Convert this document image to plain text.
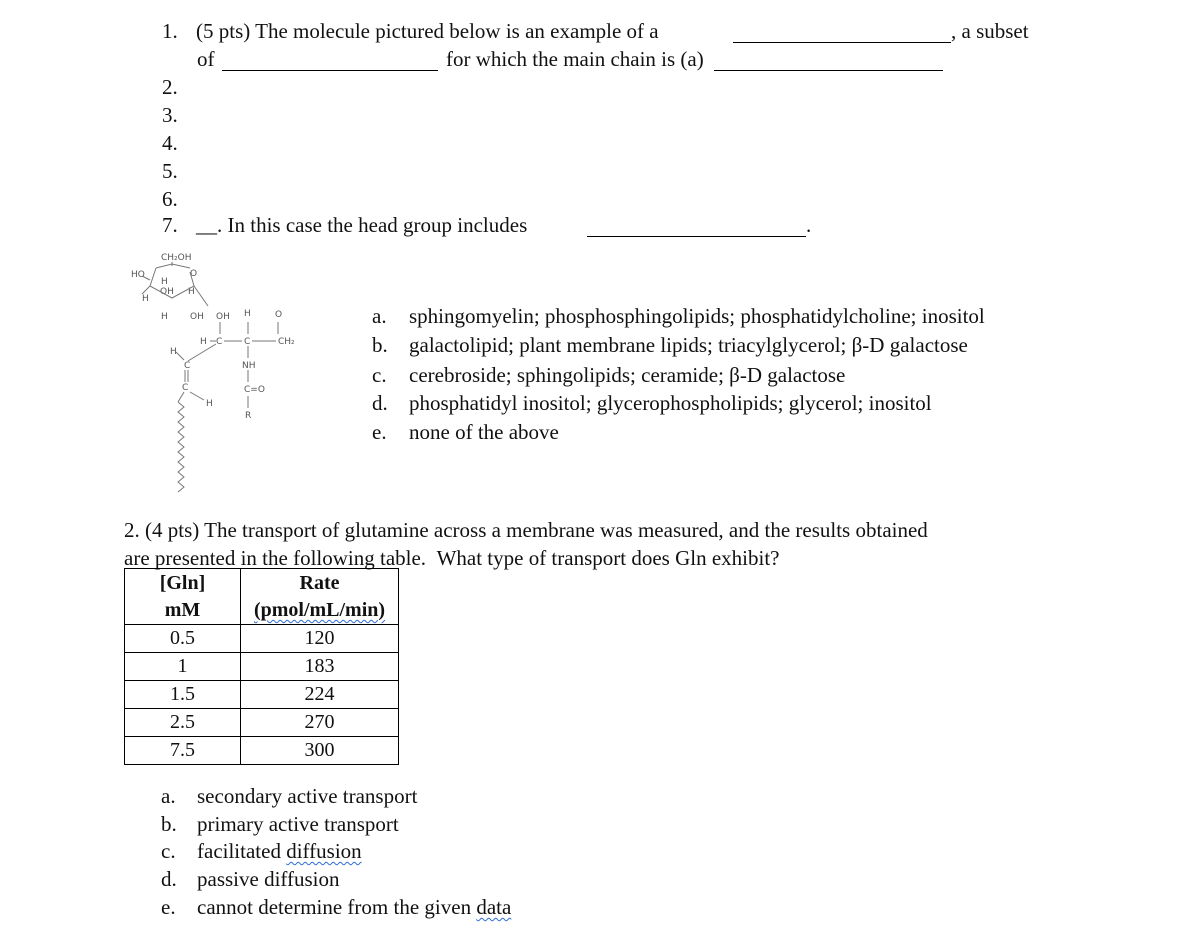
1. (5 pts) The molecule pictured below is an example of a	, a subset
of	for which the main chain is (a)
2.
3.
4.
5.
6.
7. __. In this case the head group includes	.
CH₂OH
HO	O
H
OH H
H
H OH OH H	O
H C C	CH₂
H
C	NH
C	C=O
H
R
a. sphingomyelin; phosphosphingolipids; phosphatidylcholine; inositol
b. galactolipid; plant membrane lipids; triacylglycerol; β-D galactose
c. cerebroside; sphingolipids; ceramide; β-D galactose
d. phosphatidyl inositol; glycerophospholipids; glycerol; inositol
e. none of the above
2. (4 pts) The transport of glutamine across a membrane was measured, and the results obtained
are presented in the following table. What type of transport does Gln exhibit?
[Gln]	Rate
mM	(pmol/mL/min)
0.5	120
1	183
1.5	224
2.5	270
7.5	300
a. secondary active transport
b. primary active transport
c. facilitated diffusion
d. passive diffusion
e. cannot determine from the given data
